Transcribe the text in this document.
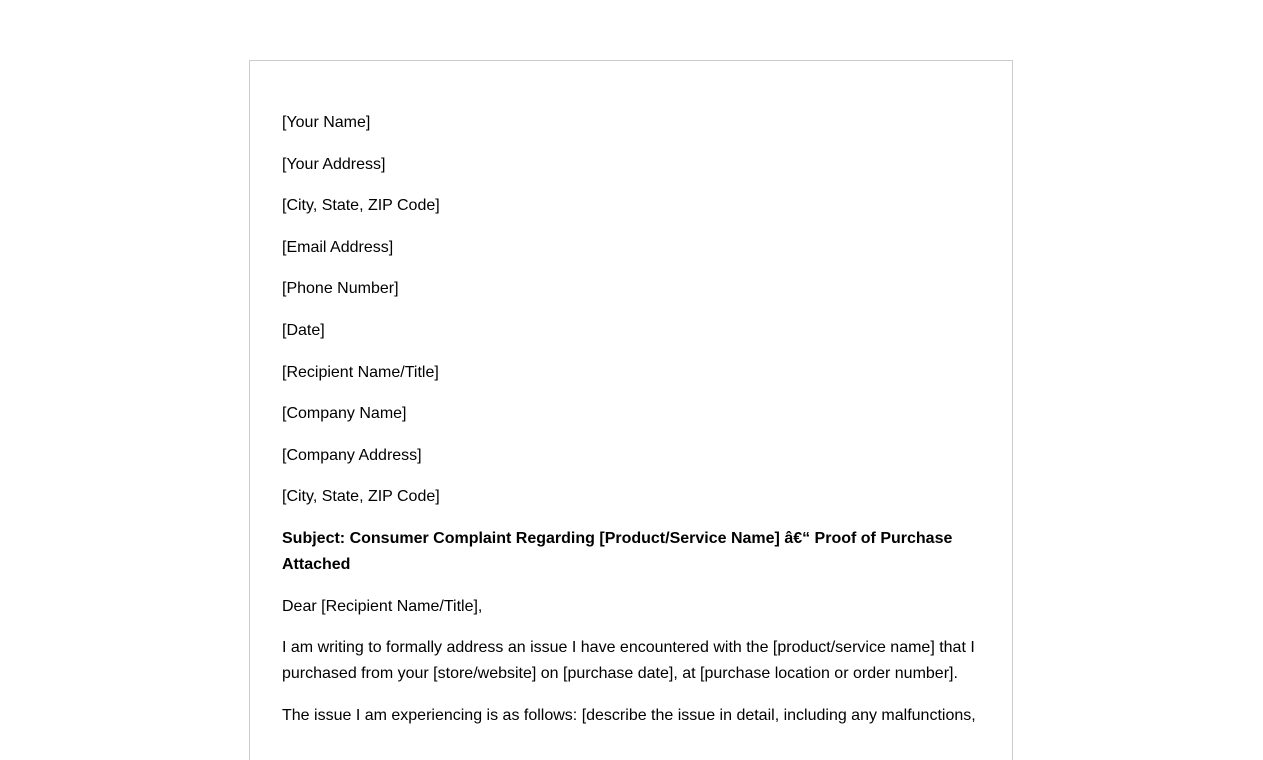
[Your Name]

[Your Address]

[City, State, ZIP Code]

[Email Address]

[Phone Number]

[Date]

[Recipient Name/Title]

[Company Name]

[Company Address]

[City, State, ZIP Code]

Subject: Consumer Complaint Regarding [Product/Service Name] â€“ Proof of Purchase Attached

Dear [Recipient Name/Title],

I am writing to formally address an issue I have encountered with the [product/service name] that I purchased from your [store/website] on [purchase date], at [purchase location or order number].

The issue I am experiencing is as follows: [describe the issue in detail, including any malfunctions,
